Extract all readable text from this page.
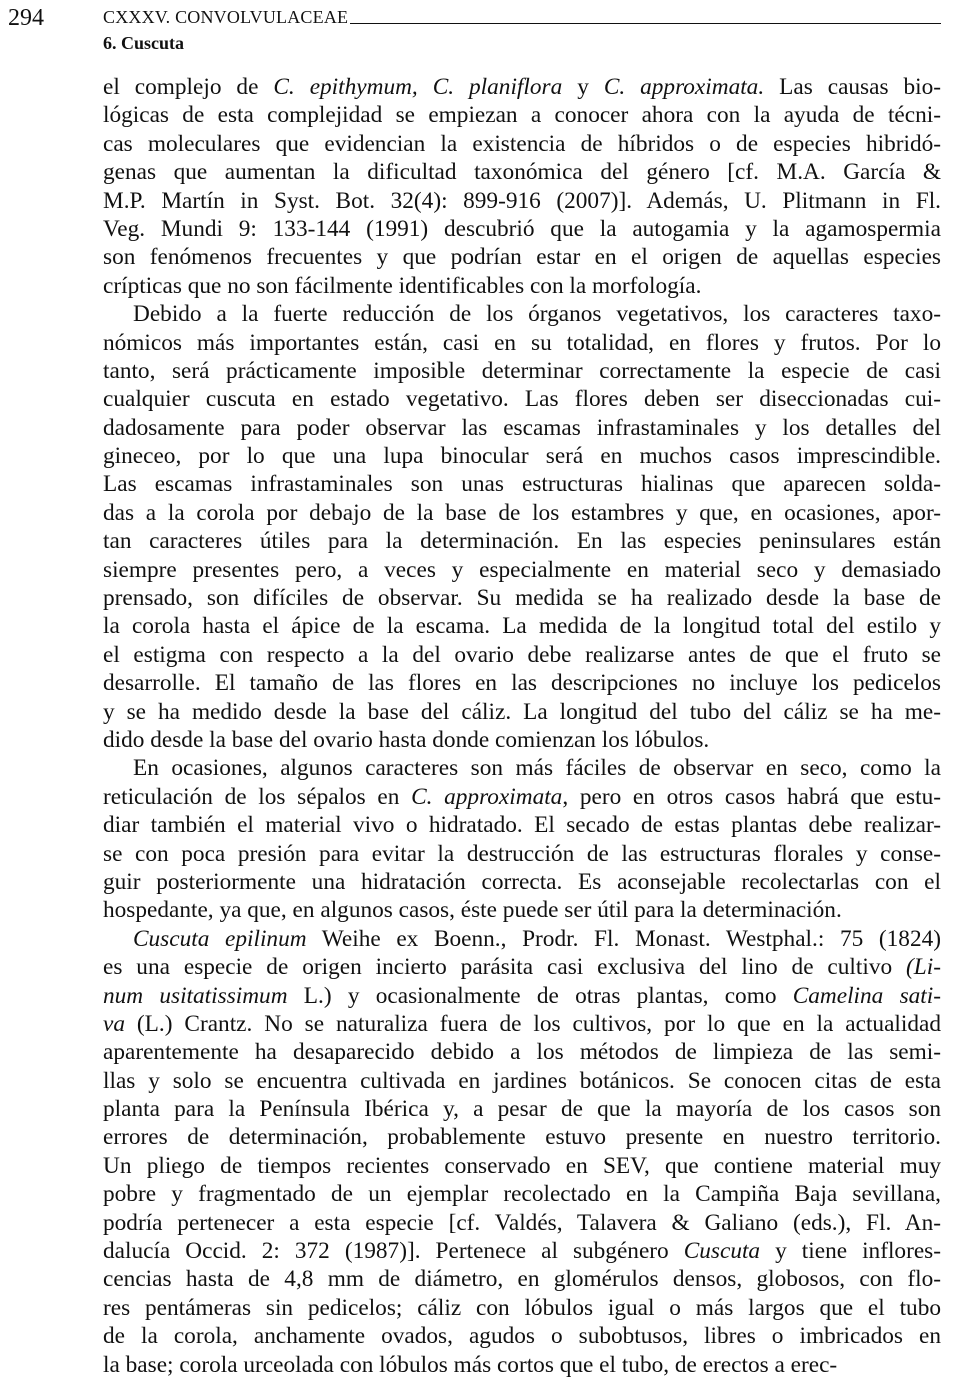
294	CXXXV. CONVOLVULACEAE
6. Cuscuta
el complejo de C. epithymum, C. planiflora y C. approximata. Las causas bio-
lógicas de esta complejidad se empiezan a conocer ahora con la ayuda de técni-
cas moleculares que evidencian la existencia de híbridos o de especies hibridó-
genas que aumentan la dificultad taxonómica del género [cf. M.A. García &
M.P. Martín in Syst. Bot. 32(4): 899-916 (2007)]. Además, U. Plitmann in Fl.
Veg. Mundi 9: 133-144 (1991) descubrió que la autogamia y la agamospermia
son fenómenos frecuentes y que podrían estar en el origen de aquellas especies
crípticas que no son fácilmente identificables con la morfología.
Debido a la fuerte reducción de los órganos vegetativos, los caracteres taxo-
nómicos más importantes están, casi en su totalidad, en flores y frutos. Por lo
tanto, será prácticamente imposible determinar correctamente la especie de casi
cualquier cuscuta en estado vegetativo. Las flores deben ser diseccionadas cui-
dadosamente para poder observar las escamas infrastaminales y los detalles del
gineceo, por lo que una lupa binocular será en muchos casos imprescindible.
Las escamas infrastaminales son unas estructuras hialinas que aparecen solda-
das a la corola por debajo de la base de los estambres y que, en ocasiones, apor-
tan caracteres útiles para la determinación. En las especies peninsulares están
siempre presentes pero, a veces y especialmente en material seco y demasiado
prensado, son difíciles de observar. Su medida se ha realizado desde la base de
la corola hasta el ápice de la escama. La medida de la longitud total del estilo y
el estigma con respecto a la del ovario debe realizarse antes de que el fruto se
desarrolle. El tamaño de las flores en las descripciones no incluye los pedicelos
y se ha medido desde la base del cáliz. La longitud del tubo del cáliz se ha me-
dido desde la base del ovario hasta donde comienzan los lóbulos.
En ocasiones, algunos caracteres son más fáciles de observar en seco, como la
reticulación de los sépalos en C. approximata, pero en otros casos habrá que estu-
diar también el material vivo o hidratado. El secado de estas plantas debe realizar-
se con poca presión para evitar la destrucción de las estructuras florales y conse-
guir posteriormente una hidratación correcta. Es aconsejable recolectarlas con el
hospedante, ya que, en algunos casos, éste puede ser útil para la determinación.
Cuscuta epilinum Weihe ex Boenn., Prodr. Fl. Monast. Westphal.: 75 (1824)
es una especie de origen incierto parásita casi exclusiva del lino de cultivo (Li-
num usitatissimum L.) y ocasionalmente de otras plantas, como Camelina sati-
va (L.) Crantz. No se naturaliza fuera de los cultivos, por lo que en la actualidad
aparentemente ha desaparecido debido a los métodos de limpieza de las semi-
llas y solo se encuentra cultivada en jardines botánicos. Se conocen citas de esta
planta para la Península Ibérica y, a pesar de que la mayoría de los casos son
errores de determinación, probablemente estuvo presente en nuestro territorio.
Un pliego de tiempos recientes conservado en SEV, que contiene material muy
pobre y fragmentado de un ejemplar recolectado en la Campiña Baja sevillana,
podría pertenecer a esta especie [cf. Valdés, Talavera & Galiano (eds.), Fl. An-
dalucía Occid. 2: 372 (1987)]. Pertenece al subgénero Cuscuta y tiene inflores-
cencias hasta de 4,8 mm de diámetro, en glomérulos densos, globosos, con flo-
res pentámeras sin pedicelos; cáliz con lóbulos igual o más largos que el tubo
de la corola, anchamente ovados, agudos o subobtusos, libres o imbricados en
la base; corola urceolada con lóbulos más cortos que el tubo, de erectos a erec-
